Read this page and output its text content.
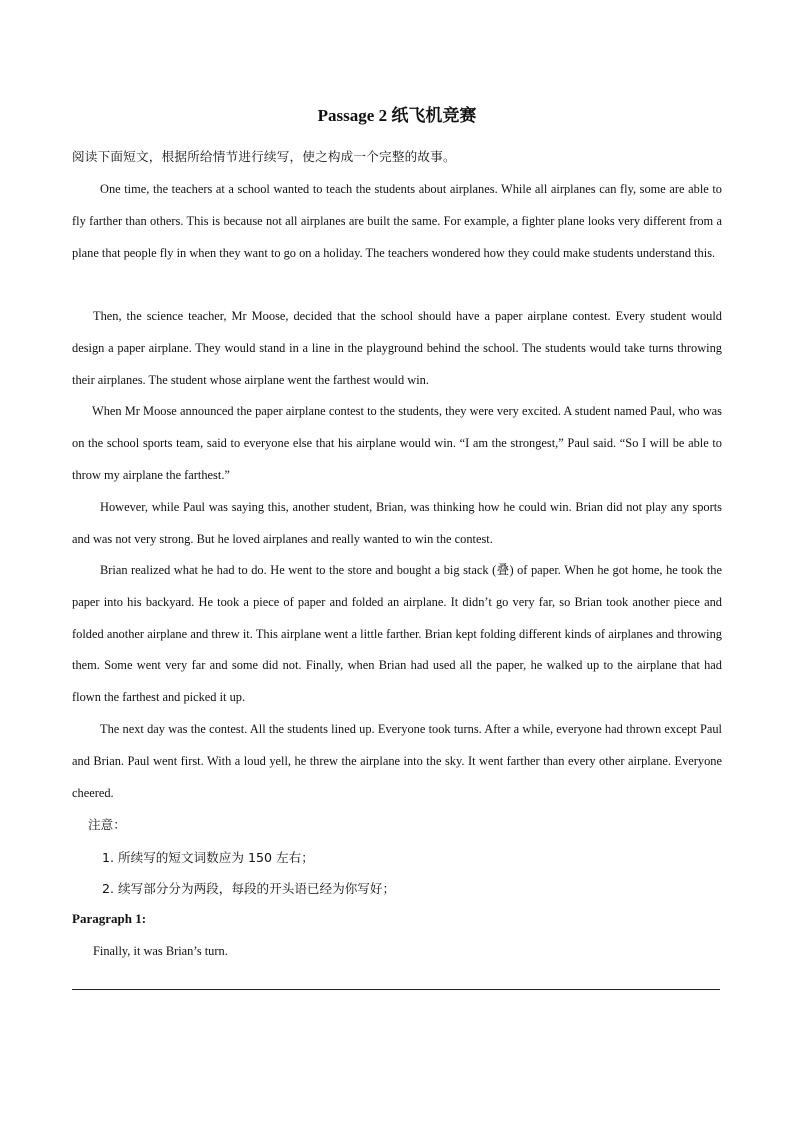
Passage 2 纸飞机竞赛
阅读下面短文，根据所给情节进行续写，使之构成一个完整的故事。

One time, the teachers at a school wanted to teach the students about airplanes. While all airplanes can fly, some are able to fly farther than others. This is because not all airplanes are built the same. For example, a fighter plane looks very different from a plane that people fly in when they want to go on a holiday. The teachers wondered how they could make students understand this.

Then, the science teacher, Mr Moose, decided that the school should have a paper airplane contest. Every student would design a paper airplane. They would stand in a line in the playground behind the school. The students would take turns throwing their airplanes. The student whose airplane went the farthest would win.

When Mr Moose announced the paper airplane contest to the students, they were very excited. A student named Paul, who was on the school sports team, said to everyone else that his airplane would win. “I am the strongest,” Paul said. “So I will be able to throw my airplane the farthest.”

However, while Paul was saying this, another student, Brian, was thinking how he could win. Brian did not play any sports and was not very strong. But he loved airplanes and really wanted to win the contest.

Brian realized what he had to do. He went to the store and bought a big stack (叠) of paper. When he got home, he took the paper into his backyard. He took a piece of paper and folded an airplane. It didn’t go very far, so Brian took another piece and folded another airplane and threw it. This airplane went a little farther. Brian kept folding different kinds of airplanes and throwing them. Some went very far and some did not. Finally, when Brian had used all the paper, he walked up to the airplane that had flown the farthest and picked it up.

The next day was the contest. All the students lined up. Everyone took turns. After a while, everyone had thrown except Paul and Brian. Paul went first. With a loud yell, he threw the airplane into the sky. It went farther than every other airplane. Everyone cheered.

注意：
1. 所续写的短文词数应为 150 左右；
2. 续写部分分为两段，每段的开头语已经为你写好；
Paragraph 1:
Finally, it was Brian’s turn.
